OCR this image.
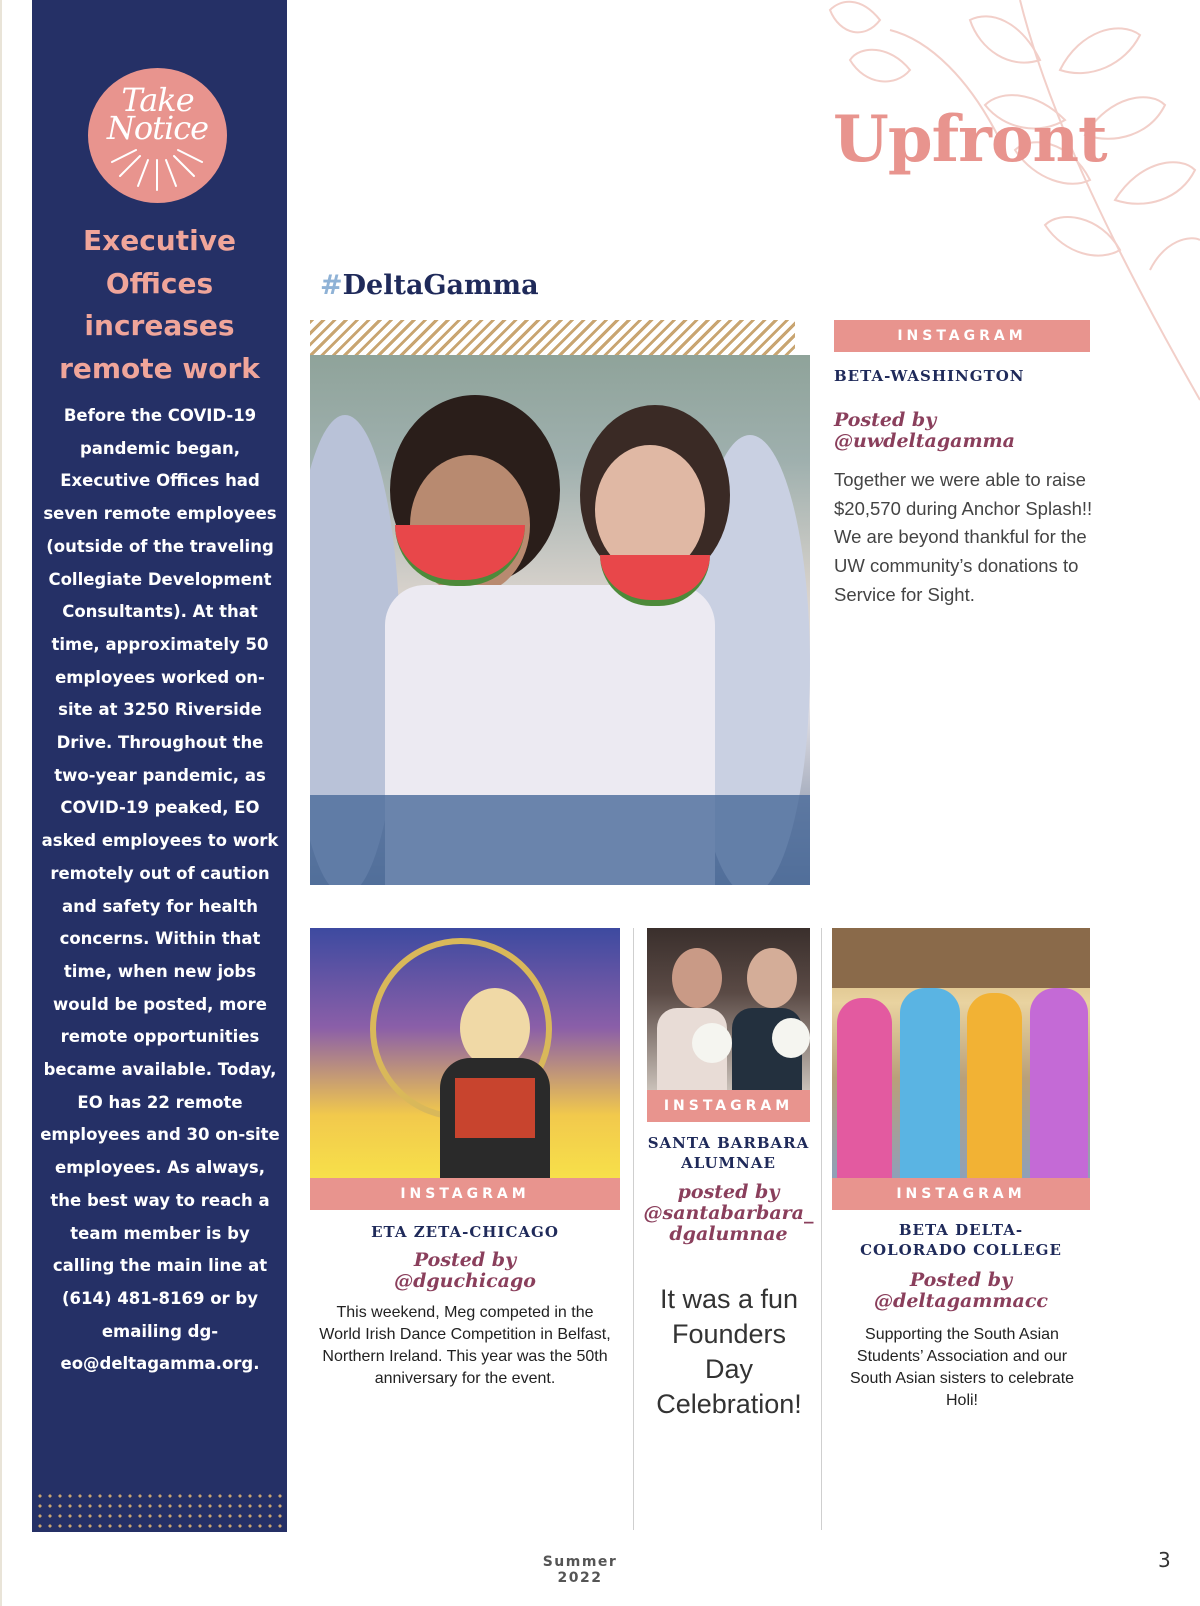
Take
Notice
Executive Offices increases remote work
Before the COVID-19 pandemic began, Executive Offices had seven remote employees (outside of the traveling Collegiate Development Consultants). At that time, approximately 50 employees worked on-site at 3250 Riverside Drive. Throughout the two-year pandemic, as COVID-19 peaked, EO asked employees to work remotely out of caution and safety for health concerns. Within that time, when new jobs would be posted, more remote opportunities became available. Today, EO has 22 remote employees and 30 on-site employees. As always, the best way to reach a team member is by calling the main line at (614) 481-8169 or by emailing dg-eo@deltagamma.org.
Upfront
#DeltaGamma
INSTAGRAM
BETA-WASHINGTON
Posted by
@uwdeltagamma
Together we were able to raise $20,570 during Anchor Splash!! We are beyond thankful for the UW community’s donations to Service for Sight.
INSTAGRAM
ETA ZETA-CHICAGO
Posted by
@dguchicago
This weekend, Meg competed in the World Irish Dance Competition in Belfast, Northern Ireland. This year was the 50th anniversary for the event.
INSTAGRAM
SANTA BARBARA
ALUMNAE
posted by
@santabarbara_
dgalumnae
It was a fun Founders Day Celebration!
INSTAGRAM
BETA DELTA-
COLORADO COLLEGE
Posted by
@deltagammacc
Supporting the South Asian Students’ Association and our South Asian sisters to celebrate Holi!
Summer 2022
3
